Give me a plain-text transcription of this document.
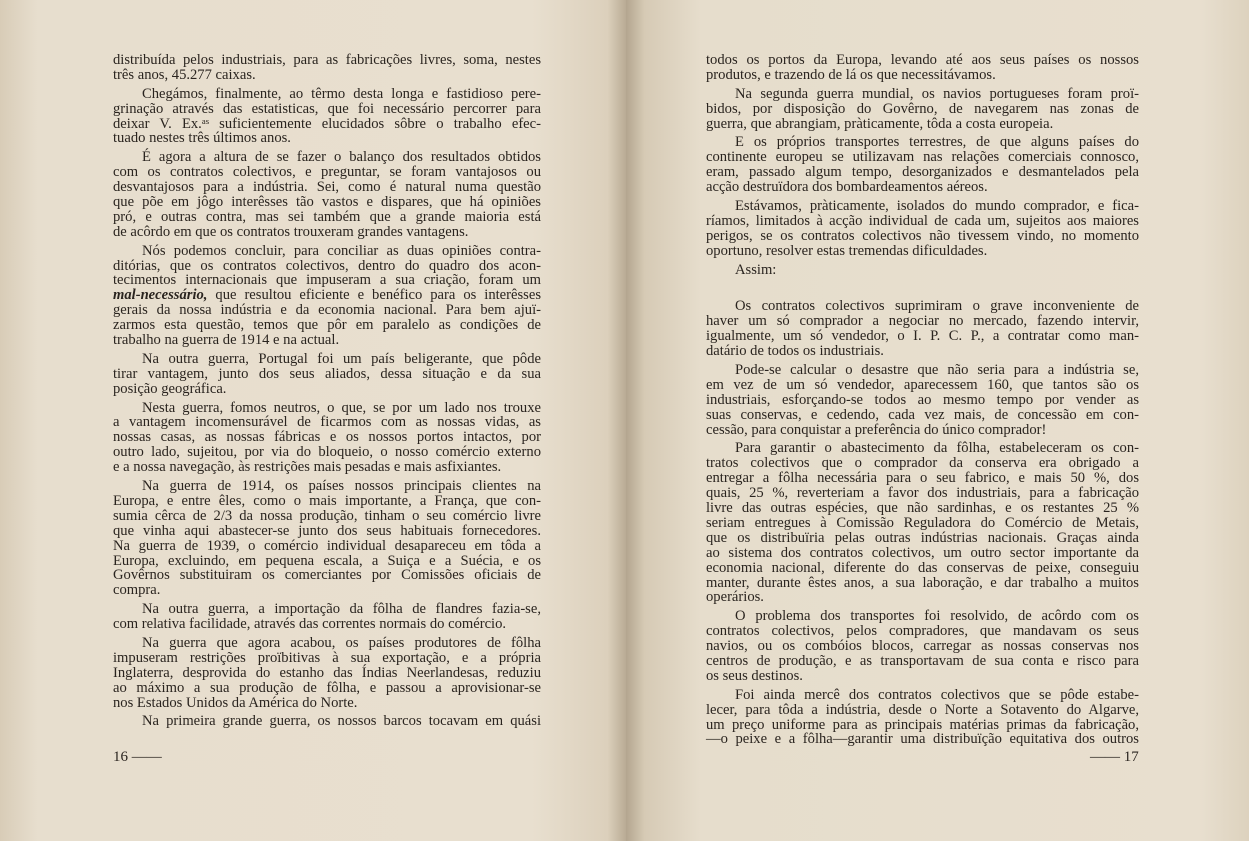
distribuída pelos industriais, para as fabricações livres, soma, nestes
três anos, 45.277 caixas.
Chegámos, finalmente, ao têrmo desta longa e fastidioso pere-
grinação através das estatisticas, que foi necessário percorrer para
deixar V. Ex.ᵃˢ suficientemente elucidados sôbre o trabalho efec-
tuado nestes três últimos anos.
É agora a altura de se fazer o balanço dos resultados obtidos
com os contratos colectivos, e preguntar, se foram vantajosos ou
desvantajosos para a indústria. Sei, como é natural numa questão
que põe em jôgo interêsses tão vastos e dispares, que há opiniões
pró, e outras contra, mas sei também que a grande maioria está
de acôrdo em que os contratos trouxeram grandes vantagens.
Nós podemos concluir, para conciliar as duas opiniões contra-
ditórias, que os contratos colectivos, dentro do quadro dos acon-
tecimentos internacionais que impuseram a sua criação, foram um
mal-necessário, que resultou eficiente e benéfico para os interêsses
gerais da nossa indústria e da economia nacional. Para bem ajuï-
zarmos esta questão, temos que pôr em paralelo as condições de
trabalho na guerra de 1914 e na actual.
Na outra guerra, Portugal foi um país beligerante, que pôde
tirar vantagem, junto dos seus aliados, dessa situação e da sua
posição geográfica.
Nesta guerra, fomos neutros, o que, se por um lado nos trouxe
a vantagem incomensurável de ficarmos com as nossas vidas, as
nossas casas, as nossas fábricas e os nossos portos intactos, por
outro lado, sujeitou, por via do bloqueio, o nosso comércio externo
e a nossa navegação, às restrições mais pesadas e mais asfixiantes.
Na guerra de 1914, os países nossos principais clientes na
Europa, e entre êles, como o mais importante, a França, que con-
sumia cêrca de 2/3 da nossa produção, tinham o seu comércio livre
que vinha aqui abastecer-se junto dos seus habituais fornecedores.
Na guerra de 1939, o comércio individual desapareceu em tôda a
Europa, excluindo, em pequena escala, a Suiça e a Suécia, e os
Govêrnos substituiram os comerciantes por Comissões oficiais de
compra.
Na outra guerra, a importação da fôlha de flandres fazia-se,
com relativa facilidade, através das correntes normais do comércio.
Na guerra que agora acabou, os países produtores de fôlha
impuseram restrições proïbitivas à sua exportação, e a própria
Inglaterra, desprovida do estanho das Índias Neerlandesas, reduziu
ao máximo a sua produção de fôlha, e passou a aprovisionar-se
nos Estados Unidos da América do Norte.
Na primeira grande guerra, os nossos barcos tocavam em quási
16 ——
todos os portos da Europa, levando até aos seus países os nossos
produtos, e trazendo de lá os que necessitávamos.
Na segunda guerra mundial, os navios portugueses foram proï-
bidos, por disposição do Govêrno, de navegarem nas zonas de
guerra, que abrangiam, pràticamente, tôda a costa europeia.
E os próprios transportes terrestres, de que alguns países do
continente europeu se utilizavam nas relações comerciais connosco,
eram, passado algum tempo, desorganizados e desmantelados pela
acção destruïdora dos bombardeamentos aéreos.
Estávamos, pràticamente, isolados do mundo comprador, e fica-
ríamos, limitados à acção individual de cada um, sujeitos aos maiores
perigos, se os contratos colectivos não tivessem vindo, no momento
oportuno, resolver estas tremendas dificuldades.
Assim:
Os contratos colectivos suprimiram o grave inconveniente de
haver um só comprador a negociar no mercado, fazendo intervir,
igualmente, um só vendedor, o I. P. C. P., a contratar como man-
datário de todos os industriais.
Pode-se calcular o desastre que não seria para a indústria se,
em vez de um só vendedor, aparecessem 160, que tantos são os
industriais, esforçando-se todos ao mesmo tempo por vender as
suas conservas, e cedendo, cada vez mais, de concessão em con-
cessão, para conquistar a preferência do único comprador!
Para garantir o abastecimento da fôlha, estabeleceram os con-
tratos colectivos que o comprador da conserva era obrigado a
entregar a fôlha necessária para o seu fabrico, e mais 50 %, dos
quais, 25 %, reverteriam a favor dos industriais, para a fabricação
livre das outras espécies, que não sardinhas, e os restantes 25 %
seriam entregues à Comissão Reguladora do Comércio de Metais,
que os distribuïria pelas outras indústrias nacionais. Graças ainda
ao sistema dos contratos colectivos, um outro sector importante da
economia nacional, diferente do das conservas de peixe, conseguiu
manter, durante êstes anos, a sua laboração, e dar trabalho a muitos
operários.
O problema dos transportes foi resolvido, de acôrdo com os
contratos colectivos, pelos compradores, que mandavam os seus
navios, ou os combóios blocos, carregar as nossas conservas nos
centros de produção, e as transportavam de sua conta e risco para
os seus destinos.
Foi ainda mercê dos contratos colectivos que se pôde estabe-
lecer, para tôda a indústria, desde o Norte a Sotavento do Algarve,
um preço uniforme para as principais matérias primas da fabricação,
—o peixe e a fôlha—garantir uma distribuïção equitativa dos outros
—— 17
